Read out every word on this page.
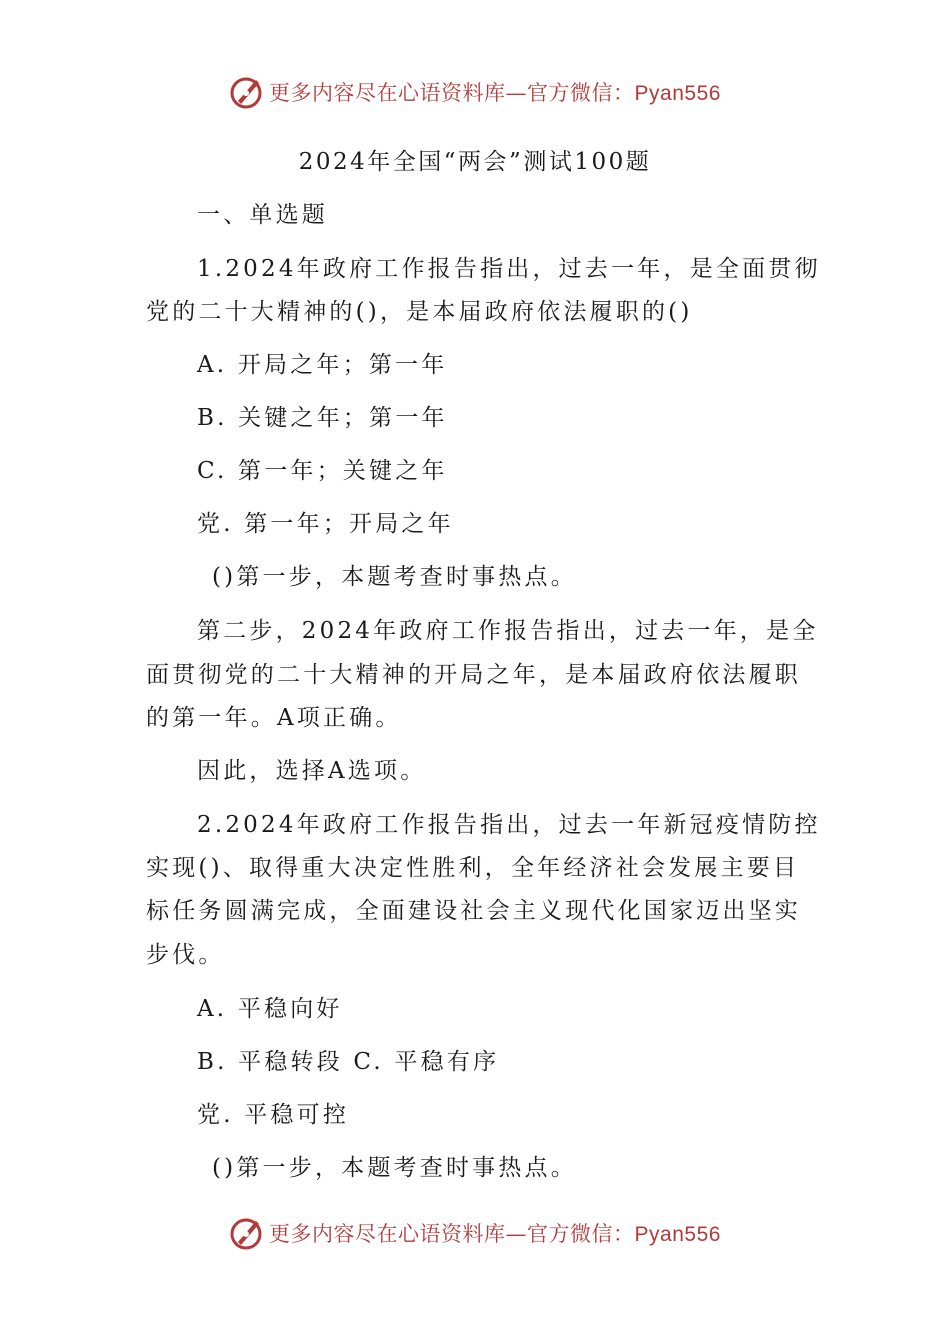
更多内容尽在心语资料库—官方微信：Pyan556
2024年全国“两会”测试100题
一、单选题
1.2024年政府工作报告指出，过去一年，是全面贯彻
党的二十大精神的()，是本届政府依法履职的()
A. 开局之年；第一年
B. 关键之年；第一年
C. 第一年；关键之年
党. 第一年；开局之年
()第一步，本题考查时事热点。
第二步，2024年政府工作报告指出，过去一年，是全
面贯彻党的二十大精神的开局之年，是本届政府依法履职
的第一年。A项正确。
因此，选择A选项。
2.2024年政府工作报告指出，过去一年新冠疫情防控
实现()、取得重大决定性胜利，全年经济社会发展主要目
标任务圆满完成，全面建设社会主义现代化国家迈出坚实
步伐。
A. 平稳向好
B. 平稳转段 C. 平稳有序
党. 平稳可控
()第一步，本题考查时事热点。
更多内容尽在心语资料库—官方微信：Pyan556
